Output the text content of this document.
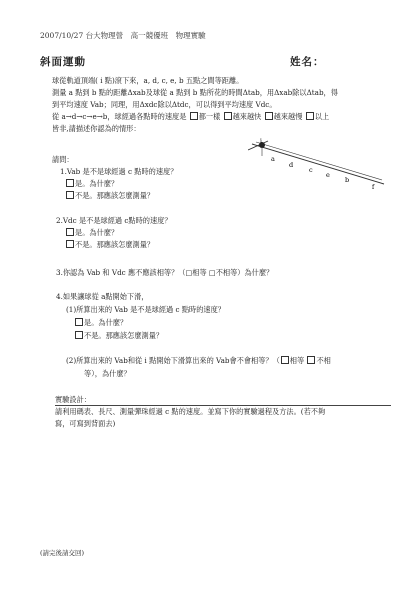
2007/10/27 台大物理營　高一競優班　物理實驗
斜面運動	姓名：
球從軌道頂端( i 點)滾下來，a, d, c, e, b 五點之間等距離。
測量 a 點到 b 點的距離Δxab及球從 a 點到 b 點所花的時間Δtab，用Δxab除以Δtab，得
到平均速度 Vab；同理，用Δxdc除以Δtdc，可以得到平均速度 Vdc。
從 a→d→c→e→b，球經過各點時的速度是 都一樣 越來越快 越來越慢 以上
皆非,請描述你認為的情形：
i
a
d
c
e
b
f
請問：
1.Vab 是不是球經過 c 點時的速度？
是。為什麼？
不是。那應該怎麼測量？
2.Vdc 是不是球經過 c點時的速度？
是。為什麼？
不是。那應該怎麼測量？
3.你認為 Vab 和 Vdc 應不應該相等？（□相等 □不相等）為什麼？
4.如果讓球從 a點開始下滑，
(1)所算出來的 Vab 是不是球經過 c 點時的速度？
是。為什麼？
不是。那應該怎麼測量？
(2)所算出來的 Vab和從 i 點開始下滑算出來的 Vab會不會相等？（ 相等 不相
等），為什麼？
實驗設計：
請利用碼表、長尺、測量彈珠經過 c 點的速度。並寫下你的實驗過程及方法。(若不夠
寫，可寫到背面去)
(請完後請交回)
